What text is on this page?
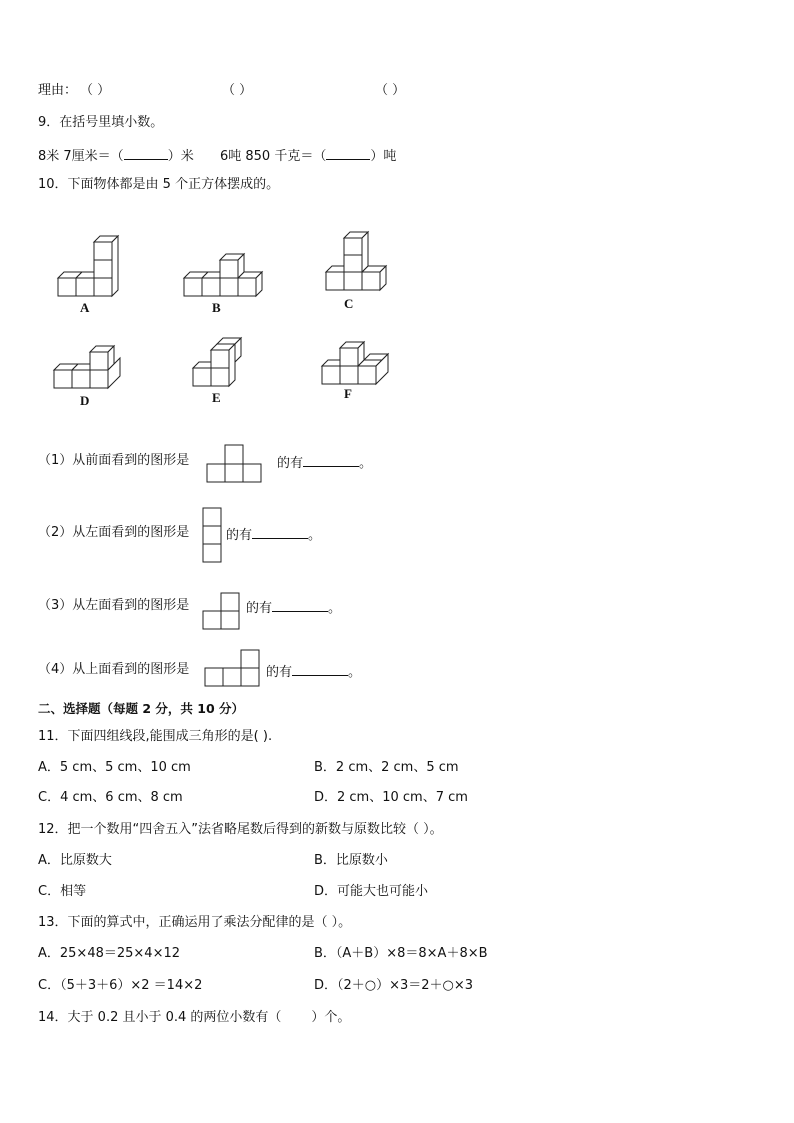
理由： （ ）	（ ）	（ ）
9．在括号里填小数。
8米 7厘米＝（	）米 6吨 850 千克＝（	）吨
10．下面物体都是由 5 个正方体摆成的。
A	B	C
D	E	F
（1）从前面看到的图形是	的有	。
（2）从左面看到的图形是	的有	。
（3）从左面看到的图形是	的有	。
（4）从上面看到的图形是	的有	。
二、选择题（每题 2 分，共 10 分）
11．下面四组线段,能围成三角形的是( ).
A．5 cm、5 cm、10 cm	B．2 cm、2 cm、5 cm
C．4 cm、6 cm、8 cm	D．2 cm、10 cm、7 cm
12．把一个数用“四舍五入”法省略尾数后得到的新数与原数比较（ ）。
A．比原数大	B．比原数小
C．相等	D．可能大也可能小
13．下面的算式中，正确运用了乘法分配律的是（ ）。
A．25×48＝25×4×12	B．（A＋B）×8＝8×A＋8×B
C．（5＋3＋6）×2 ＝14×2	D．（2＋○）×3＝2＋○×3
14．大于 0.2 且小于 0.4 的两位小数有（ ）个。
